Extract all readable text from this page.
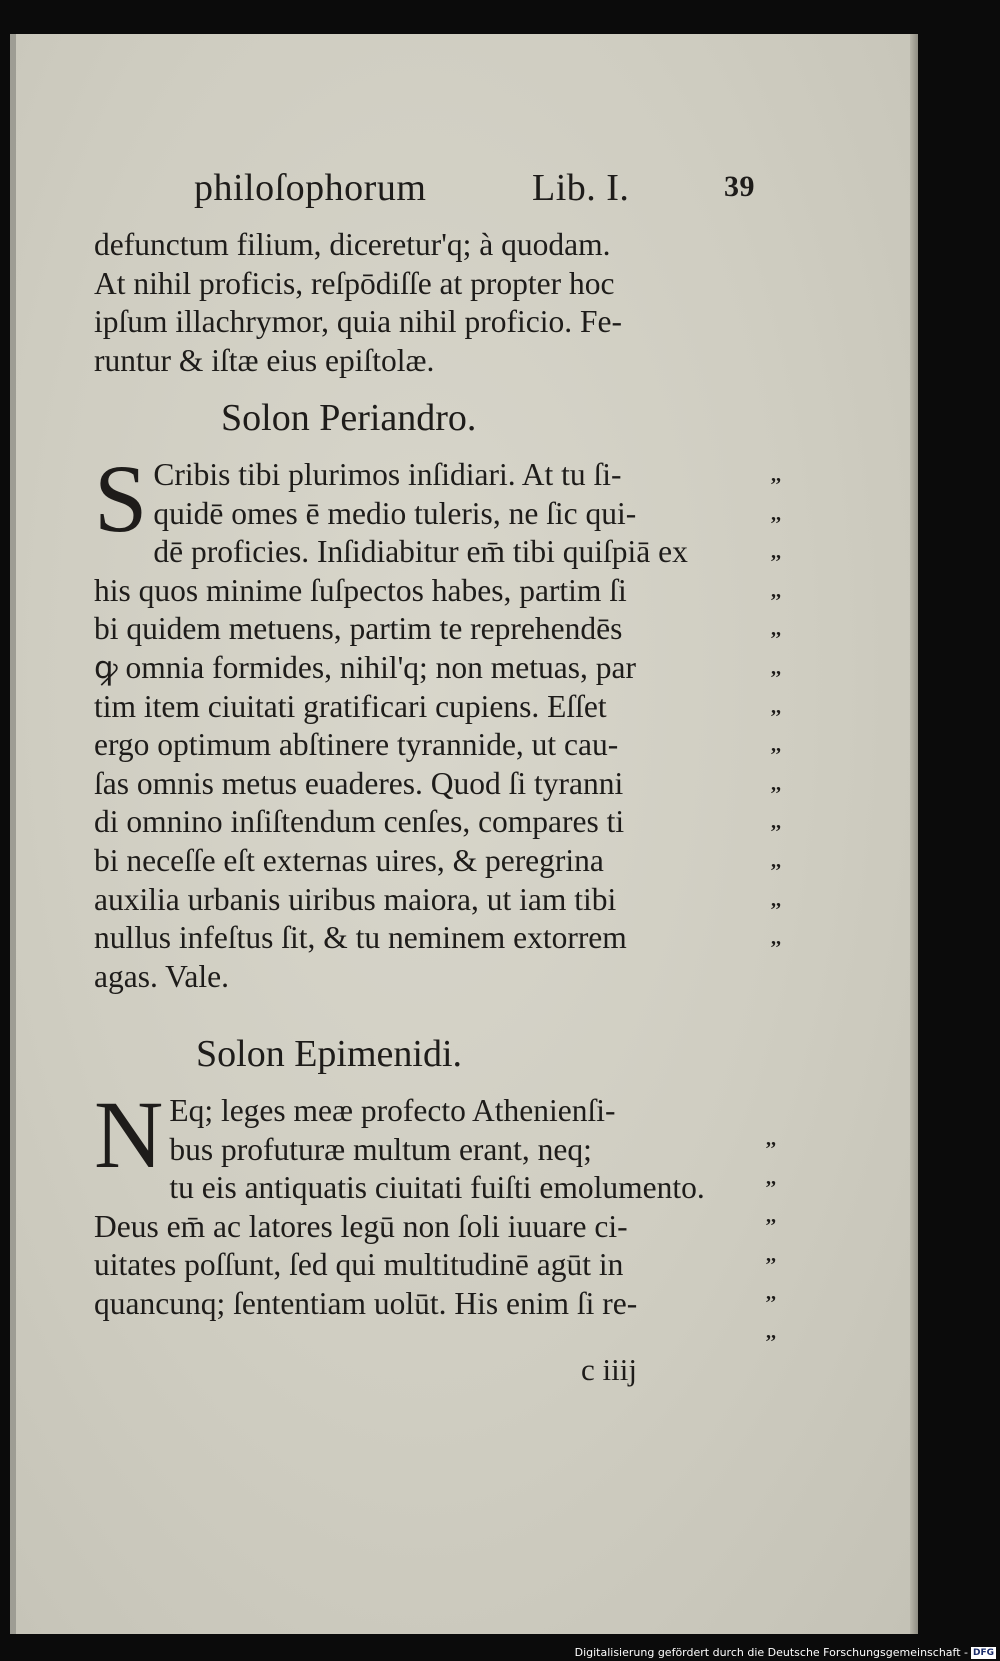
philoſophorum	Lib. I.	39
defunctum filium, diceretur'q; à quodam.
At nihil proficis, reſpōdiſſe at propter hoc
ipſum illachrymor, quia nihil proficio. Fe-
runtur & iſtæ eius epiſtolæ.
Solon Periandro.
S Cribis tibi plurimos inſidiari. At tu ſi-
quidē omes ē medio tuleris, ne ſic qui-
dē proficies. Inſidiabitur em̄ tibi quiſpiā ex
his quos minime ſuſpectos habes, partim ſi
bi quidem metuens, partim te reprehendēs
ꝙ omnia formides, nihil'q; non metuas, par
tim item ciuitati gratificari cupiens. Eſſet
ergo optimum abſtinere tyrannide, ut cau-
ſas omnis metus euaderes. Quod ſi tyranni
di omnino inſiſtendum cenſes, compares ti
bi neceſſe eſt externas uires, & peregrina
auxilia urbanis uiribus maiora, ut iam tibi
nullus infeſtus ſit, & tu neminem extorrem
agas. Vale.
,,
,,
,,
,,
,,
,,
,,
,,
,,
,,
,,
,,
,,
Solon Epimenidi.
N Eq; leges meæ profecto Athenienſi-
bus profuturæ multum erant, neq;
tu eis antiquatis ciuitati fuiſti emolumento.
Deus em̄ ac latores legū non ſoli iuuare ci-
uitates poſſunt, ſed qui multitudinē agūt in
quancunq; ſententiam uolūt. His enim ſi re-
,,
,,
,,
,,
,,
,,
c iiij
Digitalisierung gefördert durch die Deutsche Forschungsgemeinschaft - DFG
